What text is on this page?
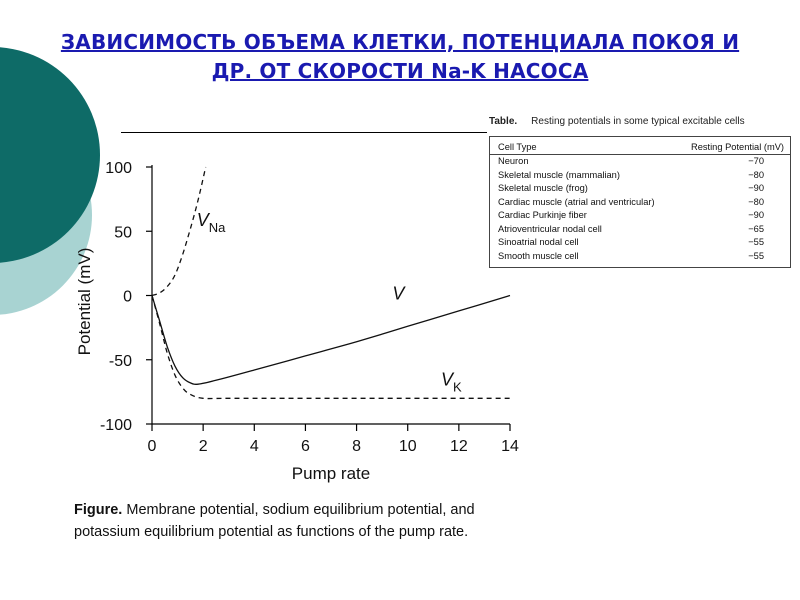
ЗАВИСИМОСТЬ ОБЪЕМА КЛЕТКИ, ПОТЕНЦИАЛА ПОКОЯ И
ДР. ОТ СКОРОСТИ Na-K НАСОСА
100
50
0
-50
-100
0	2	4	6	8 10 12 14
Pump rate
Potential (mV)	V
$V_{Na}$
$V_K$
Figure. Membrane potential, sodium equilibrium potential, and
potassium equilibrium potential as functions of the pump rate.
Table. Resting potentials in some typical excitable cells
Cell Type	Resting Potential (mV)
Neuron	−70
Skeletal muscle (mammalian)	−80
Skeletal muscle (frog)	−90
Cardiac muscle (atrial and ventricular)	−80
Cardiac Purkinje fiber	−90
Atrioventricular nodal cell	−65
Sinoatrial nodal cell	−55
Smooth muscle cell	−55
